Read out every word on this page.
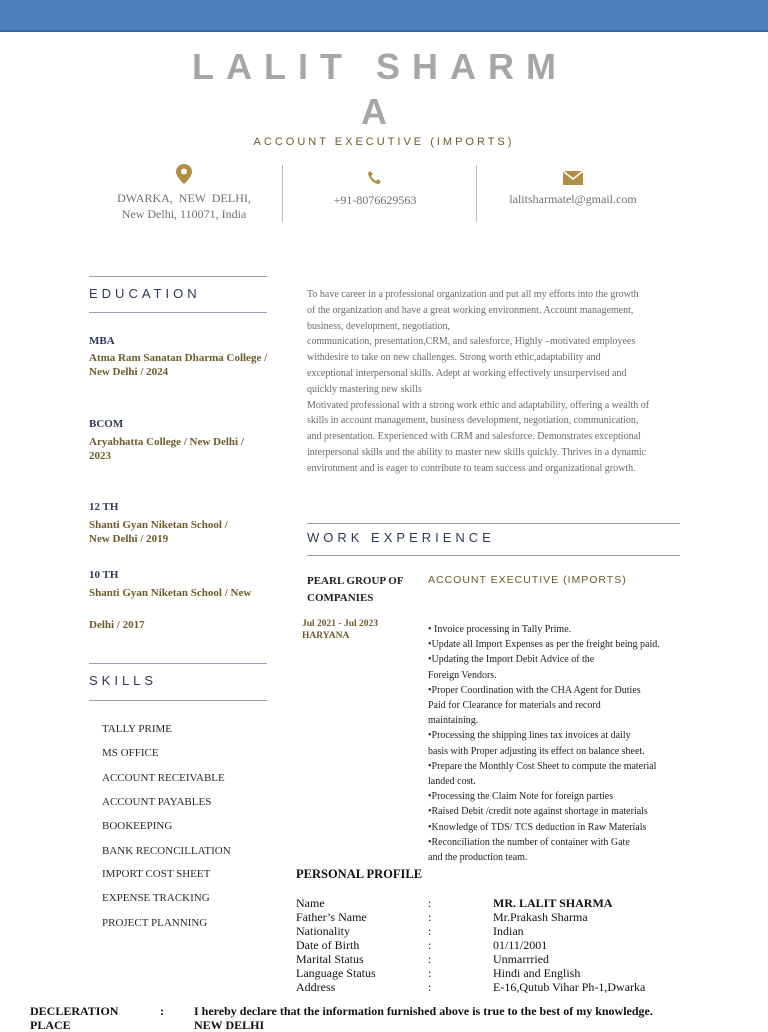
LALIT SHARM
A
ACCOUNT EXECUTIVE (IMPORTS)
DWARKA, NEW DELHI,
New Delhi, 110071, India
+91-8076629563	lalitsharmatel@gmail.com
EDUCATION
MBA
Atma Ram Sanatan Dharma College / New Delhi / 2024
BCOM
Aryabhatta College / New Delhi / 2023
12 TH
Shanti Gyan Niketan School / New Delhi / 2019
10 TH
Shanti Gyan Niketan School / New
Delhi / 2017
SKILLS
TALLY PRIME
MS OFFICE
ACCOUNT RECEIVABLE
ACCOUNT PAYABLES
BOOKEEPING
BANK RECONCILLATION
IMPORT COST SHEET
EXPENSE TRACKING
PROJECT PLANNING
To have career in a professional organization and put all my efforts into the growth
of the organization and have a great working environment. Account management,
business, development, negotiation,
communication, presentation,CRM, and salesforce, Highly –motivated employees
withdesire to take on new challenges. Strong worth ethic,adaptability and
exceptional interpersonal skills. Adept at working effectively unsurpervised and
quickly mastering new skills
Motivated professional with a strong work ethic and adaptability, offering a wealth of
skills in account management, business development, negotiation, communication,
and presentation. Experienced with CRM and salesforce. Demonstrates exceptional
interpersonal skills and the ability to master new skills quickly. Thrives in a dynamic
environment and is eager to contribute to team success and organizational growth.
WORK EXPERIENCE
PEARL GROUP OF
COMPANIES
Jul 2021 - Jul 2023
HARYANA
ACCOUNT EXECUTIVE (IMPORTS)
• Invoice processing in Tally Prime.
•Update all Import Expenses as per the freight being paid.
•Updating the Import Debit Advice of the
Foreign Vendors.
•Proper Coordination with the CHA Agent for Duties
Paid for Clearance for materials and record
maintaining.
•Processing the shipping lines tax invoices at daily
basis with Proper adjusting its effect on balance sheet.
•Prepare the Monthly Cost Sheet to compute the material
landed cost.
•Processing the Claim Note for foreign parties
•Raised Debit /credit note against shortage in materials
•Knowledge of TDS/ TCS deduction in Raw Materials
•Reconciliation the number of container with Gate
and the production team.
PERSONAL PROFILE
Name	:	MR. LALIT SHARMA
Father’s Name	:	Mr.Prakash Sharma
Nationality	:	Indian
Date of Birth	:	01/11/2001
Marital Status	:	Unmarrried
Language Status	:	Hindi and English
Address	:	E-16,Qutub Vihar Ph-1,Dwarka
DECLERATION	:	I hereby declare that the information furnished above is true to the best of my knowledge.
PLACE	NEW DELHI
